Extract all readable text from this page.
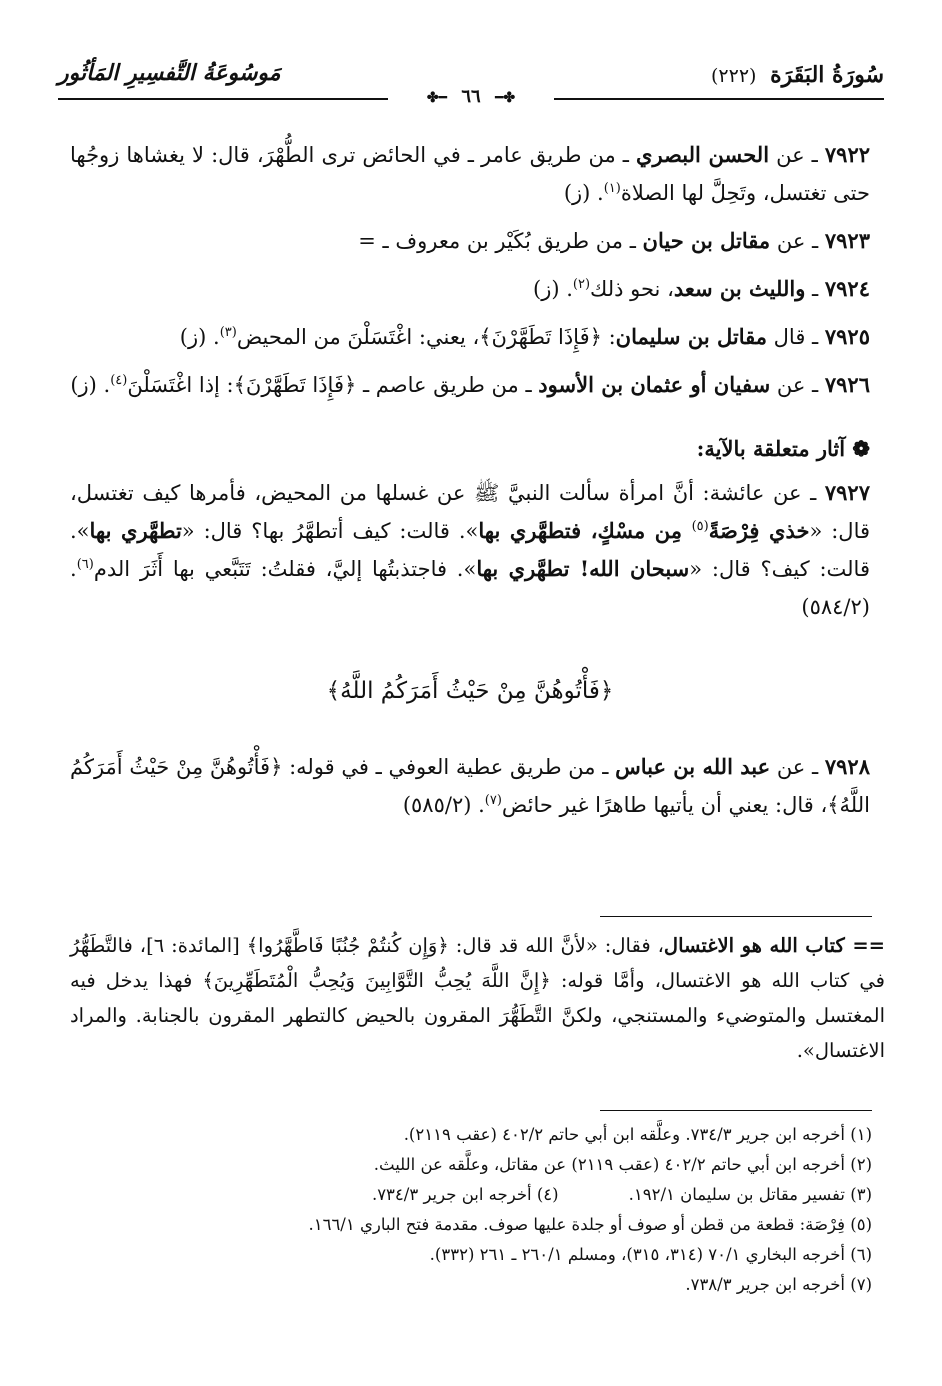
سُورَةُ البَقَرَة (٢٢٢)
مَوسُوعَةُ التَّفسِيرِ المَأثُور
✤━ ٦٦ ━✤

٧٩٢٢ ـ عن الحسن البصري ـ من طريق عامر ـ في الحائض ترى الطُّهْرَ، قال: لا يغشاها زوجُها حتى تغتسل، وتَحِلَّ لها الصلاة$^{(١)}$. (ز)

٧٩٢٣ ـ عن مقاتل بن حيان ـ من طريق بُكَيْر بن معروف ـ =

٧٩٢٤ ـ والليث بن سعد، نحو ذلك$^{(٢)}$. (ز)

٧٩٢٥ ـ قال مقاتل بن سليمان: ﴿فَإِذَا تَطَهَّرْنَ﴾، يعني: اغْتَسَلْنَ من المحيض$^{(٣)}$. (ز)

٧٩٢٦ ـ عن سفيان أو عثمان بن الأسود ـ من طريق عاصم ـ ﴿فَإِذَا تَطَهَّرْنَ﴾: إذا اغْتَسَلْنَ$^{(٤)}$. (ز)

❁ آثار متعلقة بالآية:

٧٩٢٧ ـ عن عائشة: أنَّ امرأة سألت النبيَّ ﷺ عن غسلها من المحيض، فأمرها كيف تغتسل، قال: «خذي فِرْصَةً$^{(٥)}$ مِن مسْكٍ، فتطهَّري بها». قالت: كيف أتطهَّرُ بها؟ قال: «تطهَّري بها». قالت: كيف؟ قال: «سبحان الله! تطهَّري بها». فاجتذبتُها إليَّ، فقلتُ: تَتَبَّعي بها أَثَرَ الدم$^{(٦)}$. (٥٨٤/٢)

﴿فَأْتُوهُنَّ مِنْ حَيْثُ أَمَرَكُمُ اللَّهُ﴾

٧٩٢٨ ـ عن عبد الله بن عباس ـ من طريق عطية العوفي ـ في قوله: ﴿فَأْتُوهُنَّ مِنْ حَيْثُ أَمَرَكُمُ اللَّهُ﴾، قال: يعني أن يأتيها طاهرًا غير حائض$^{(٧)}$. (٥٨٥/٢)

== كتاب الله هو الاغتسال، فقال: «لأنَّ الله قد قال: ﴿وَإِن كُنتُمْ جُنُبًا فَاطَّهَّرُوا﴾ [المائدة: ٦]، فالتَّطَهُّرُ في كتاب الله هو الاغتسال، وأمَّا قوله: ﴿إِنَّ اللَّهَ يُحِبُّ التَّوَّابِينَ وَيُحِبُّ الْمُتَطَهِّرِينَ﴾ فهذا يدخل فيه المغتسل والمتوضيء والمستنجي، ولكنَّ التَّطَهُّرَ المقرون بالحيض كالتطهر المقرون بالجنابة. والمراد الاغتسال».

(١) أخرجه ابن جرير ٧٣٤/٣. وعلَّقه ابن أبي حاتم ٤٠٢/٢ (عقب ٢١١٩).
(٢) أخرجه ابن أبي حاتم ٤٠٢/٢ (عقب ٢١١٩) عن مقاتل، وعلَّقه عن الليث.
(٣) تفسير مقاتل بن سليمان ١٩٢/١.
(٤) أخرجه ابن جرير ٧٣٤/٣.
(٥) فِرْصَة: قطعة من قطن أو صوف أو جلدة عليها صوف. مقدمة فتح الباري ١٦٦/١.
(٦) أخرجه البخاري ٧٠/١ (٣١٤، ٣١٥)، ومسلم ٢٦٠/١ ـ ٢٦١ (٣٣٢).
(٧) أخرجه ابن جرير ٧٣٨/٣.
